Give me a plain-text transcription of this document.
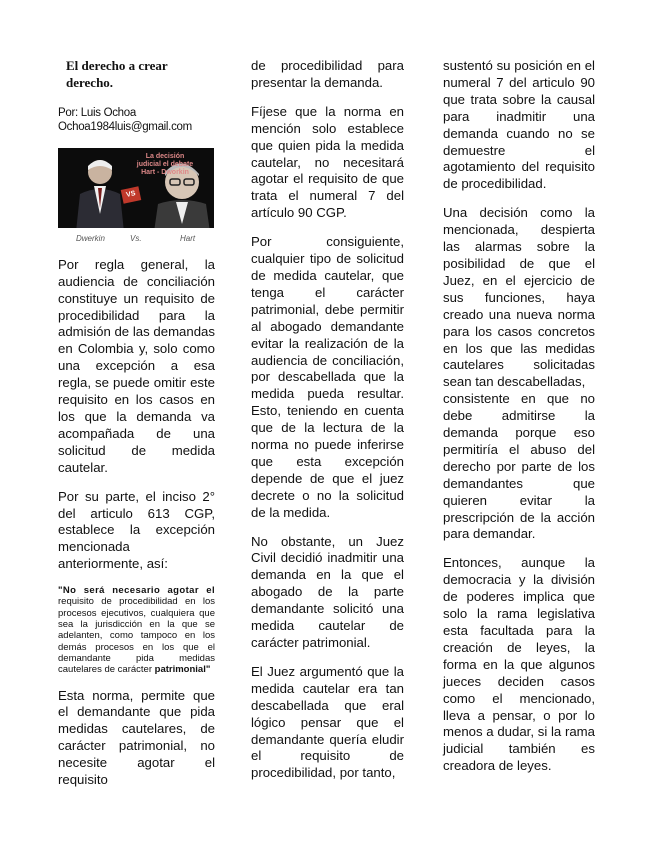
El derecho a crear derecho.
Por: Luis Ochoa
Ochoa1984luis@gmail.com
La decisión judicial el debate Hart - Dworkin
VS
Dwerkin	Vs.	Hart

Por regla general, la audiencia de conciliación constituye un requisito de procedibilidad para la admisión de las demandas en Colombia y, solo como una excepción a esa regla, se puede omitir este requisito en los casos en los que la demanda va acompañada de una solicitud de medida cautelar.

Por su parte, el inciso 2° del articulo 613 CGP, establece la excepción mencionada anteriormente, así:

"No será necesario agotar el requisito de procedibilidad en los procesos ejecutivos, cualquiera que sea la jurisdicción en la que se adelanten, como tampoco en los demás procesos en los que el demandante pida medidas cautelares de carácter patrimonial"

Esta norma, permite que el demandante que pida medidas cautelares, de carácter patrimonial, no necesite agotar el requisito

de procedibilidad para presentar la demanda.

Fíjese que la norma en mención solo establece que quien pida la medida cautelar, no necesitará agotar el requisito de que trata el numeral 7 del artículo 90 CGP.

Por consiguiente, cualquier tipo de solicitud de medida cautelar, que tenga el carácter patrimonial, debe permitir al abogado demandante evitar la realización de la audiencia de conciliación, por descabellada que la medida pueda resultar. Esto, teniendo en cuenta que de la lectura de la norma no puede inferirse que esta excepción depende de que el juez decrete o no la solicitud de la medida.

No obstante, un Juez Civil decidió inadmitir una demanda en la que el abogado de la parte demandante solicitó una medida cautelar de carácter patrimonial.

El Juez argumentó que la medida cautelar era tan descabellada que eral lógico pensar que el demandante quería eludir el requisito de procedibilidad, por tanto,

sustentó su posición en el numeral 7 del articulo 90 que trata sobre la causal para inadmitir una demanda cuando no se demuestre el agotamiento del requisito de procedibilidad.

Una decisión como la mencionada, despierta las alarmas sobre la posibilidad de que el Juez, en el ejercicio de sus funciones, haya creado una nueva norma para los casos concretos en los que las medidas cautelares solicitadas sean tan descabelladas,

consistente en que no debe admitirse la demanda porque eso permitiría el abuso del derecho por parte de los demandantes que quieren evitar la prescripción de la acción para demandar.

Entonces, aunque la democracia y la división de poderes implica que solo la rama legislativa esta facultada para la creación de leyes, la forma en la que algunos jueces deciden casos como el mencionado, lleva a pensar, o por lo menos a dudar, si la rama judicial también es creadora de leyes.
